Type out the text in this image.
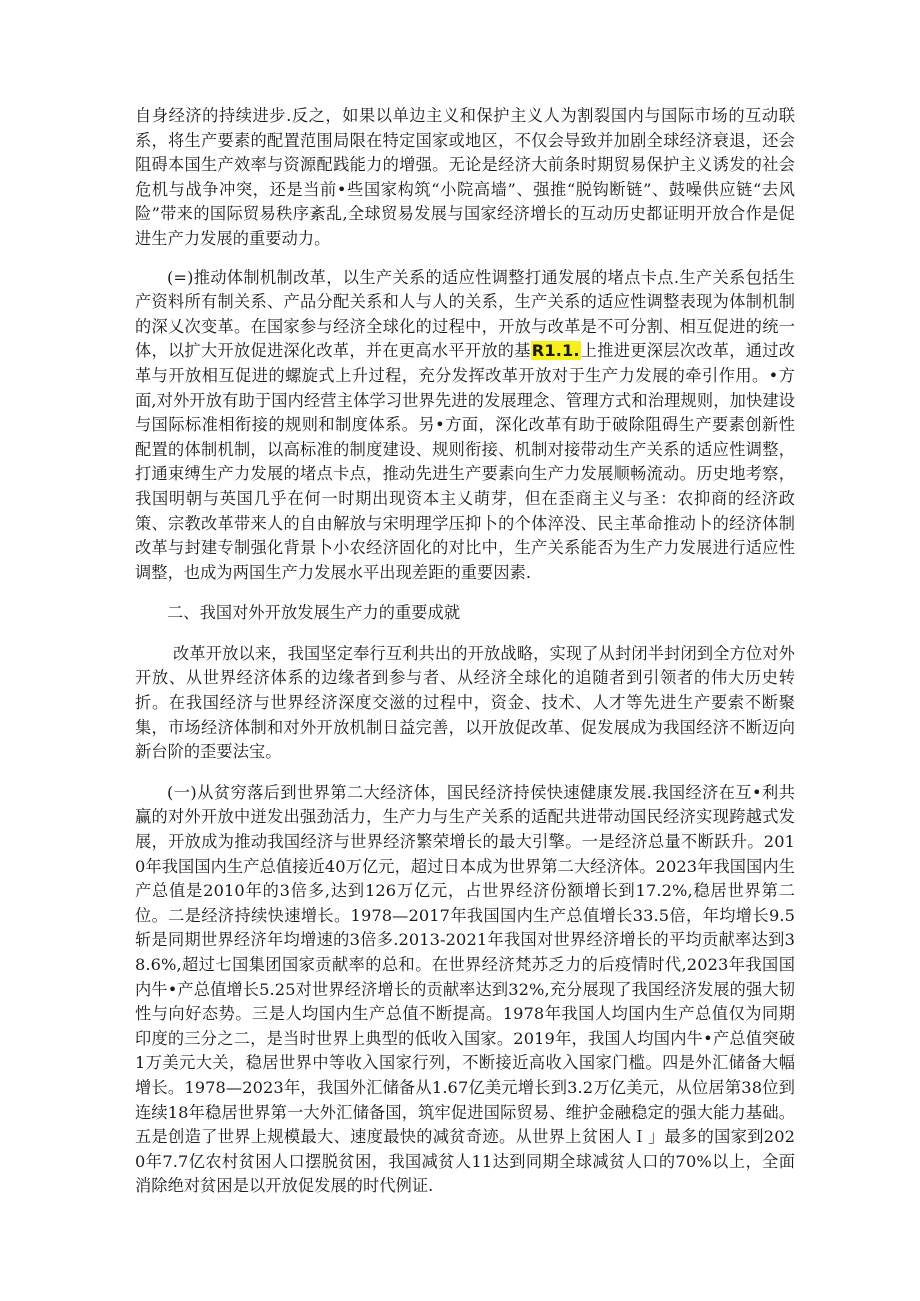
自身经济的持续进步.反之，如果以单边主义和保护主义人为割裂国内与国际市场的互动联系，将生产要素的配置范围局限在特定国家或地区，不仅会导致并加剧全球经济衰退，还会阻碍本国生产效率与资源配践能力的增强。无论是经济大前条时期贸易保护主义诱发的社会危机与战争冲突，还是当前•些国家构筑“小院高墙”、强推“脱钩断链”、鼓噪供应链“去风险”带来的国际贸易秩序紊乱,全球贸易发展与国家经济增长的互动历史都证明开放合作是促进生产力发展的重要动力。

(=)推动体制机制改革，以生产关系的适应性调整打通发展的堵点卡点.生产关系包括生产资料所有制关系、产品分配关系和人与人的关系，生产关系的适应性调整表现为体制机制的深乂次变革。在国家参与经济全球化的过程中，开放与改革是不可分割、相互促进的统一体，以扩大开放促进深化改革，并在更高水平开放的基R1.1.上推进更深层次改革，通过改革与开放相互促进的螺旋式上升过程，充分发挥改革开放对于生产力发展的牵引作用。•方面,对外开放有助于国内经营主体学习世界先进的发展理念、管理方式和治理规则，加快建设与国际标准相衔接的规则和制度体系。另•方面，深化改革有助于破除阻碍生产要素创新性配置的体制机制，以高标准的制度建设、规则衔接、机制对接带动生产关系的适应性调整，打通束缚生产力发展的堵点卡点，推动先进生产要素向生产力发展顺畅流动。历史地考察，我国明朝与英国几乎在何一时期出现资本主乂萌芽，但在歪商主义与圣：农抑商的经济政策、宗教改革带来人的自由解放与宋明理学压抑卜的个体淬没、民主革命推动卜的经济体制改革与封建专制强化背景卜小农经济固化的对比中，生产关系能否为生产力发展进行适应性调整，也成为两国生产力发展水平出现差距的重要因素.

二、我国对外开放发展生产力的重要成就

改革开放以来，我国坚定奉行互利共出的开放战略，实现了从封闭半封闭到全方位对外开放、从世界经济体系的边缘者到参与者、从经济全球化的追随者到引领者的伟大历史转折。在我国经济与世界经济深度交滋的过程中，资金、技术、人才等先进生产要索不断聚集，市场经济体制和对外开放机制日益完善，以开放促改革、促发展成为我国经济不断迈向新台阶的歪要法宝。

(一)从贫穷落后到世界第二大经济体，国民经济持侯快速健康发展.我国经济在互•利共赢的对外开放中迸发出强劲活力，生产力与生产关系的适配共进带动国民经济实现跨越式发展，开放成为推动我国经济与世界经济繁荣增长的最大引擎。一是经济总量不断跃升。2010年我国国内生产总值接近40万亿元，超过日本成为世界第二大经济体。2023年我国国内生产总值是2010年的3倍多,达到126万亿元，占世界经济份额增长到17.2%,稳居世界第二位。二是经济持续快速增长。1978—2017年我国国内生产总值增长33.5倍，年均增长9.5斩是同期世界经济年均增速的3倍多.2013-2021年我国对世界经济增长的平均贡献率达到38.6%,超过七国集团国家贡献率的总和。在世界经济梵苏乏力的后疫情时代,2023年我国国内牛•产总值增长5.25对世界经济增长的贡献率达到32%,充分展现了我国经济发展的强大韧性与向好态势。三是人均国内生产总值不断提高。1978年我国人均国内生产总值仅为同期印度的三分之二，是当时世界上典型的低收入国家。2019年，我国人均国内牛•产总值突破1万美元大关，稳居世界中等收入国家行列，不断接近高收入国家门槛。四是外汇储备大幅增长。1978—2023年，我国外汇储备从1.67亿美元增长到3.2万亿美元，从位居第38位到连续18年稳居世界第一大外汇储备国，筑牢促进国际贸易、维护金融稳定的强大能力基础。五是创造了世界上规模最大、速度最快的减贫奇迹。从世界上贫困人Ｉ」最多的国家到2020年7.7亿农村贫困人口摆脱贫困，我国减贫人11达到同期全球减贫人口的70%以上，全面消除绝对贫困是以开放促发展的时代例证.
